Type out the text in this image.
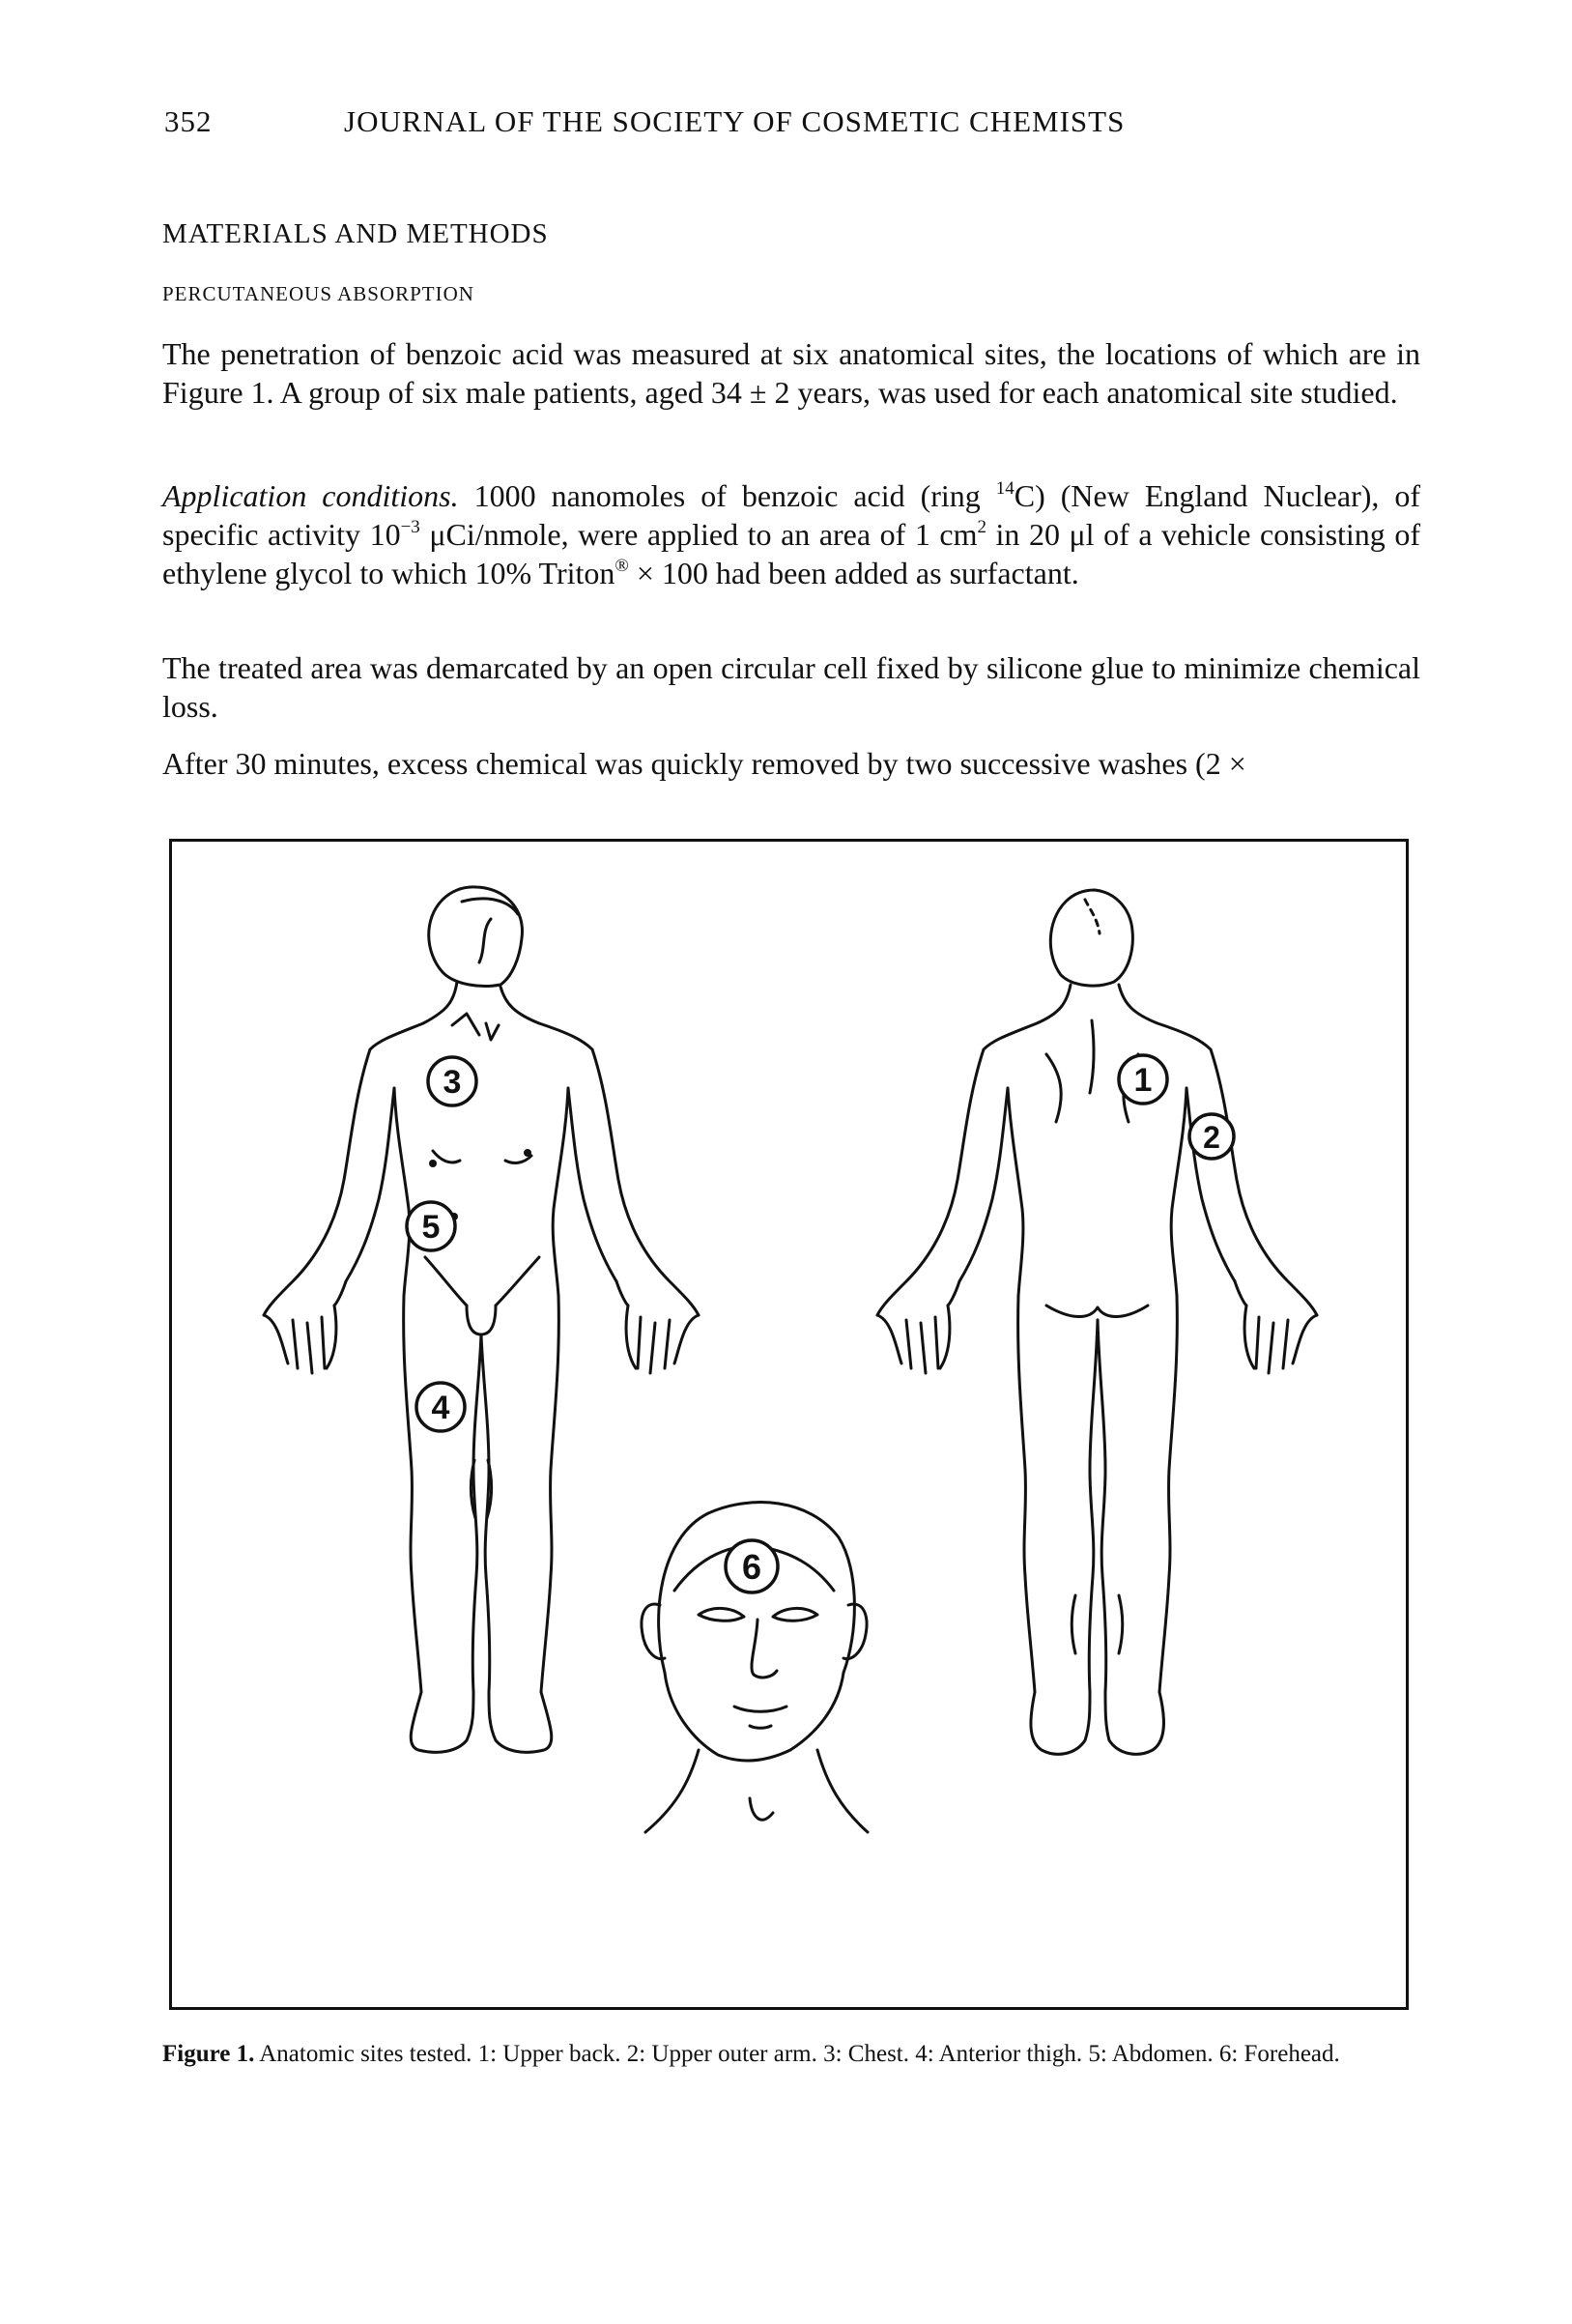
352	JOURNAL OF THE SOCIETY OF COSMETIC CHEMISTS
MATERIALS AND METHODS
PERCUTANEOUS ABSORPTION

The penetration of benzoic acid was measured at six anatomical sites, the locations of which are in Figure 1. A group of six male patients, aged 34 ± 2 years, was used for each anatomical site studied.

Application conditions. 1000 nanomoles of benzoic acid (ring $^{14}$C) (New England Nuclear), of specific activity $10^{-3}$ μCi/nmole, were applied to an area of 1 $cm^2$ in 20 μl of a vehicle consisting of ethylene glycol to which 10% Triton® × 100 had been added as surfactant.

The treated area was demarcated by an open circular cell fixed by silicone glue to minimize chemical loss.

After 30 minutes, excess chemical was quickly removed by two successive washes (2 ×

1
2
3
4
5
6
Figure 1. Anatomic sites tested. 1: Upper back. 2: Upper outer arm. 3: Chest. 4: Anterior thigh. 5: Abdomen. 6: Forehead.
